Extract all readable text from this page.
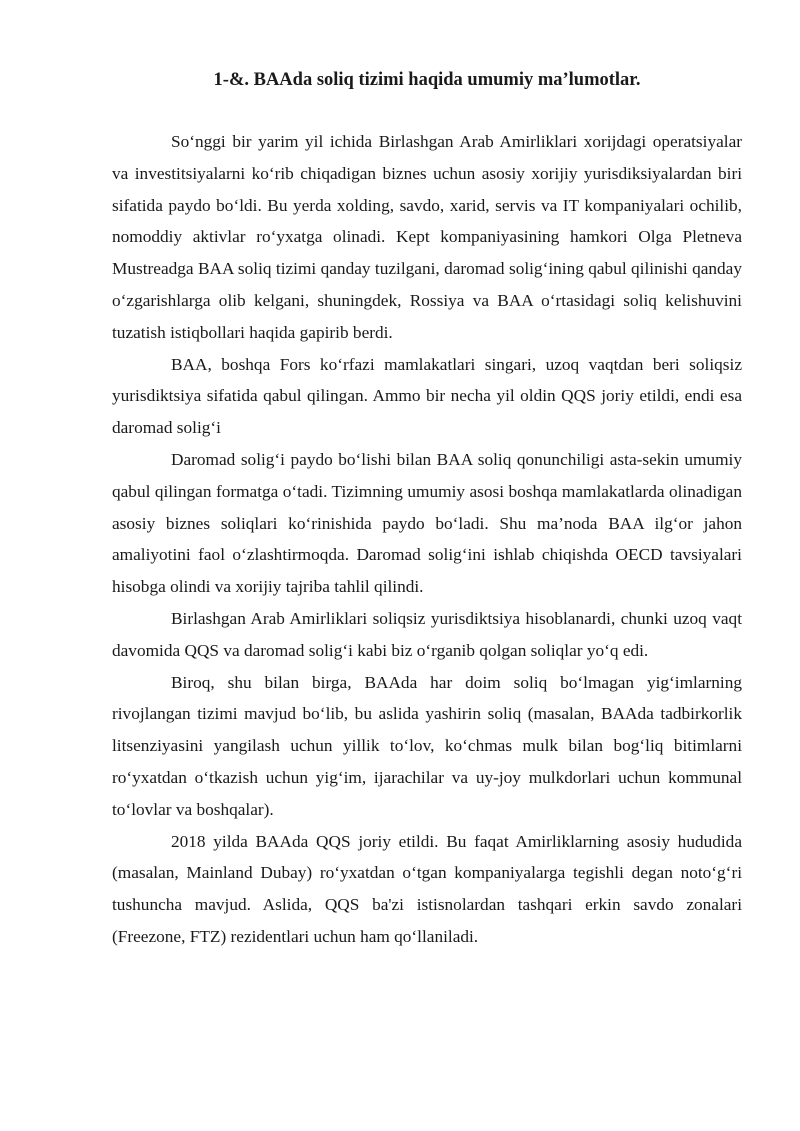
1-&. BAAda soliq tizimi haqida umumiy ma’lumotlar.

So‘nggi bir yarim yil ichida Birlashgan Arab Amirliklari xorijdagi operatsiyalar va investitsiyalarni ko‘rib chiqadigan biznes uchun asosiy xorijiy yurisdiksiyalardan biri sifatida paydo bo‘ldi. Bu yerda xolding, savdo, xarid, servis va IT kompaniyalari ochilib, nomoddiy aktivlar ro‘yxatga olinadi. Kept kompaniyasining hamkori Olga Pletneva Mustreadga BAA soliq tizimi qanday tuzilgani, daromad solig‘ining qabul qilinishi qanday o‘zgarishlarga olib kelgani, shuningdek, Rossiya va BAA o‘rtasidagi soliq kelishuvini tuzatish istiqbollari haqida gapirib berdi.

BAA, boshqa Fors ko‘rfazi mamlakatlari singari, uzoq vaqtdan beri soliqsiz yurisdiktsiya sifatida qabul qilingan. Ammo bir necha yil oldin QQS joriy etildi, endi esa daromad solig‘i

Daromad solig‘i paydo bo‘lishi bilan BAA soliq qonunchiligi asta-sekin umumiy qabul qilingan formatga o‘tadi. Tizimning umumiy asosi boshqa mamlakatlarda olinadigan asosiy biznes soliqlari ko‘rinishida paydo bo‘ladi. Shu ma’noda BAA ilg‘or jahon amaliyotini faol o‘zlashtirmoqda. Daromad solig‘ini ishlab chiqishda OECD tavsiyalari hisobga olindi va xorijiy tajriba tahlil qilindi.

Birlashgan Arab Amirliklari soliqsiz yurisdiktsiya hisoblanardi, chunki uzoq vaqt davomida QQS va daromad solig‘i kabi biz o‘rganib qolgan soliqlar yo‘q edi.

Biroq, shu bilan birga, BAAda har doim soliq bo‘lmagan yig‘imlarning rivojlangan tizimi mavjud bo‘lib, bu aslida yashirin soliq (masalan, BAAda tadbirkorlik litsenziyasini yangilash uchun yillik to‘lov, ko‘chmas mulk bilan bog‘liq bitimlarni ro‘yxatdan o‘tkazish uchun yig‘im, ijarachilar va uy-joy mulkdorlari uchun kommunal to‘lovlar va boshqalar).

2018 yilda BAAda QQS joriy etildi. Bu faqat Amirliklarning asosiy hududida (masalan, Mainland Dubay) ro‘yxatdan o‘tgan kompaniyalarga tegishli degan noto‘g‘ri tushuncha mavjud. Aslida, QQS ba'zi istisnolardan tashqari erkin savdo zonalari (Freezone, FTZ) rezidentlari uchun ham qo‘llaniladi.
